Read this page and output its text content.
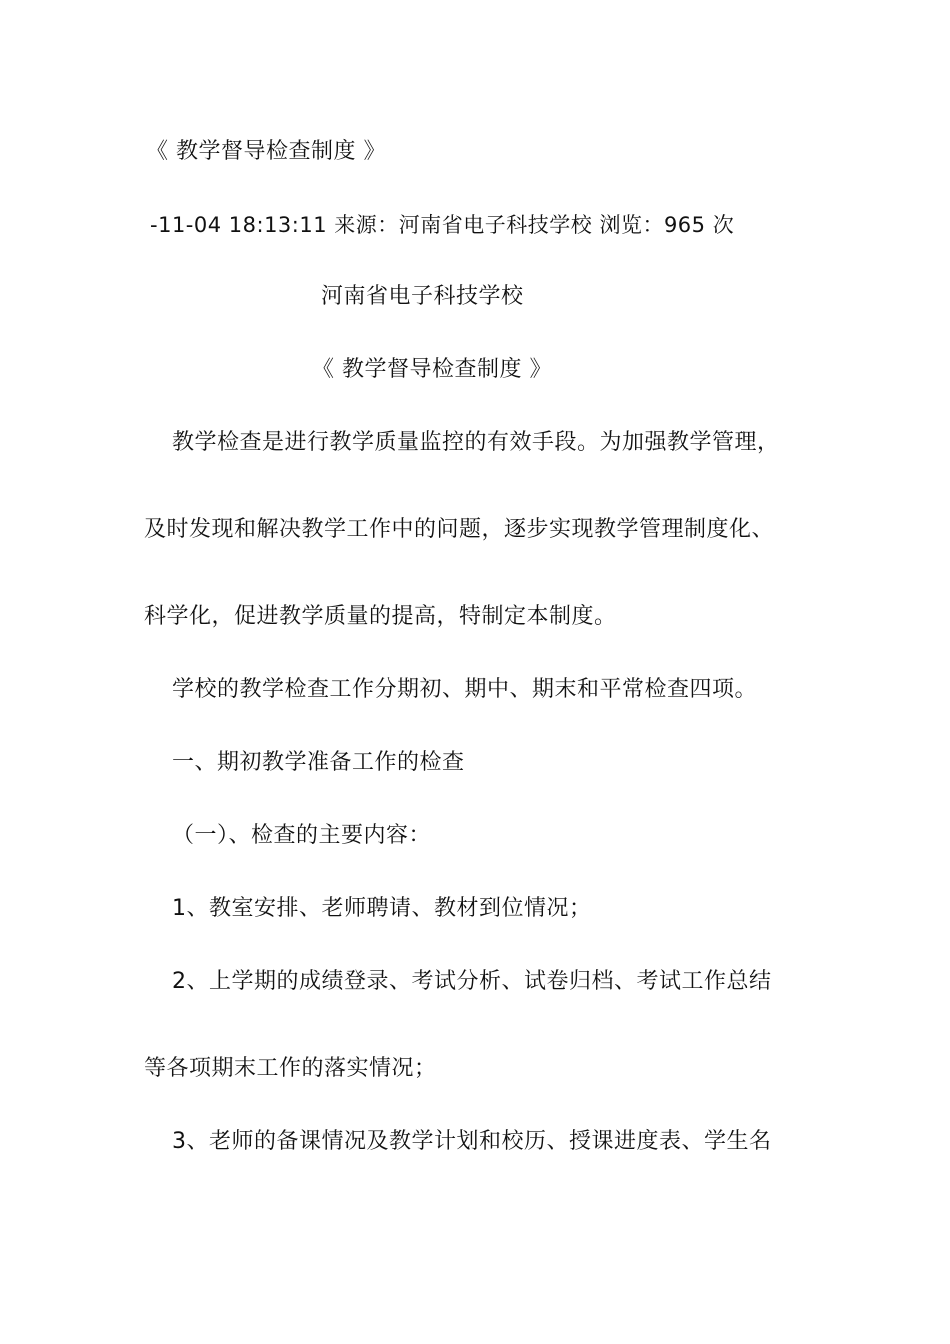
《 教学督导检查制度 》
-11-04 18:13:11 来源：河南省电子科技学校 浏览：965 次
河南省电子科技学校
《 教学督导检查制度 》
教学检查是进行教学质量监控的有效手段。为加强教学管理，
及时发现和解决教学工作中的问题，逐步实现教学管理制度化、
科学化，促进教学质量的提高，特制定本制度。
学校的教学检查工作分期初、期中、期末和平常检查四项。
一、期初教学准备工作的检查
（一）、检查的主要内容：
1、教室安排、老师聘请、教材到位情况；
2、上学期的成绩登录、考试分析、试卷归档、考试工作总结
等各项期末工作的落实情况；
3、老师的备课情况及教学计划和校历、授课进度表、学生名
